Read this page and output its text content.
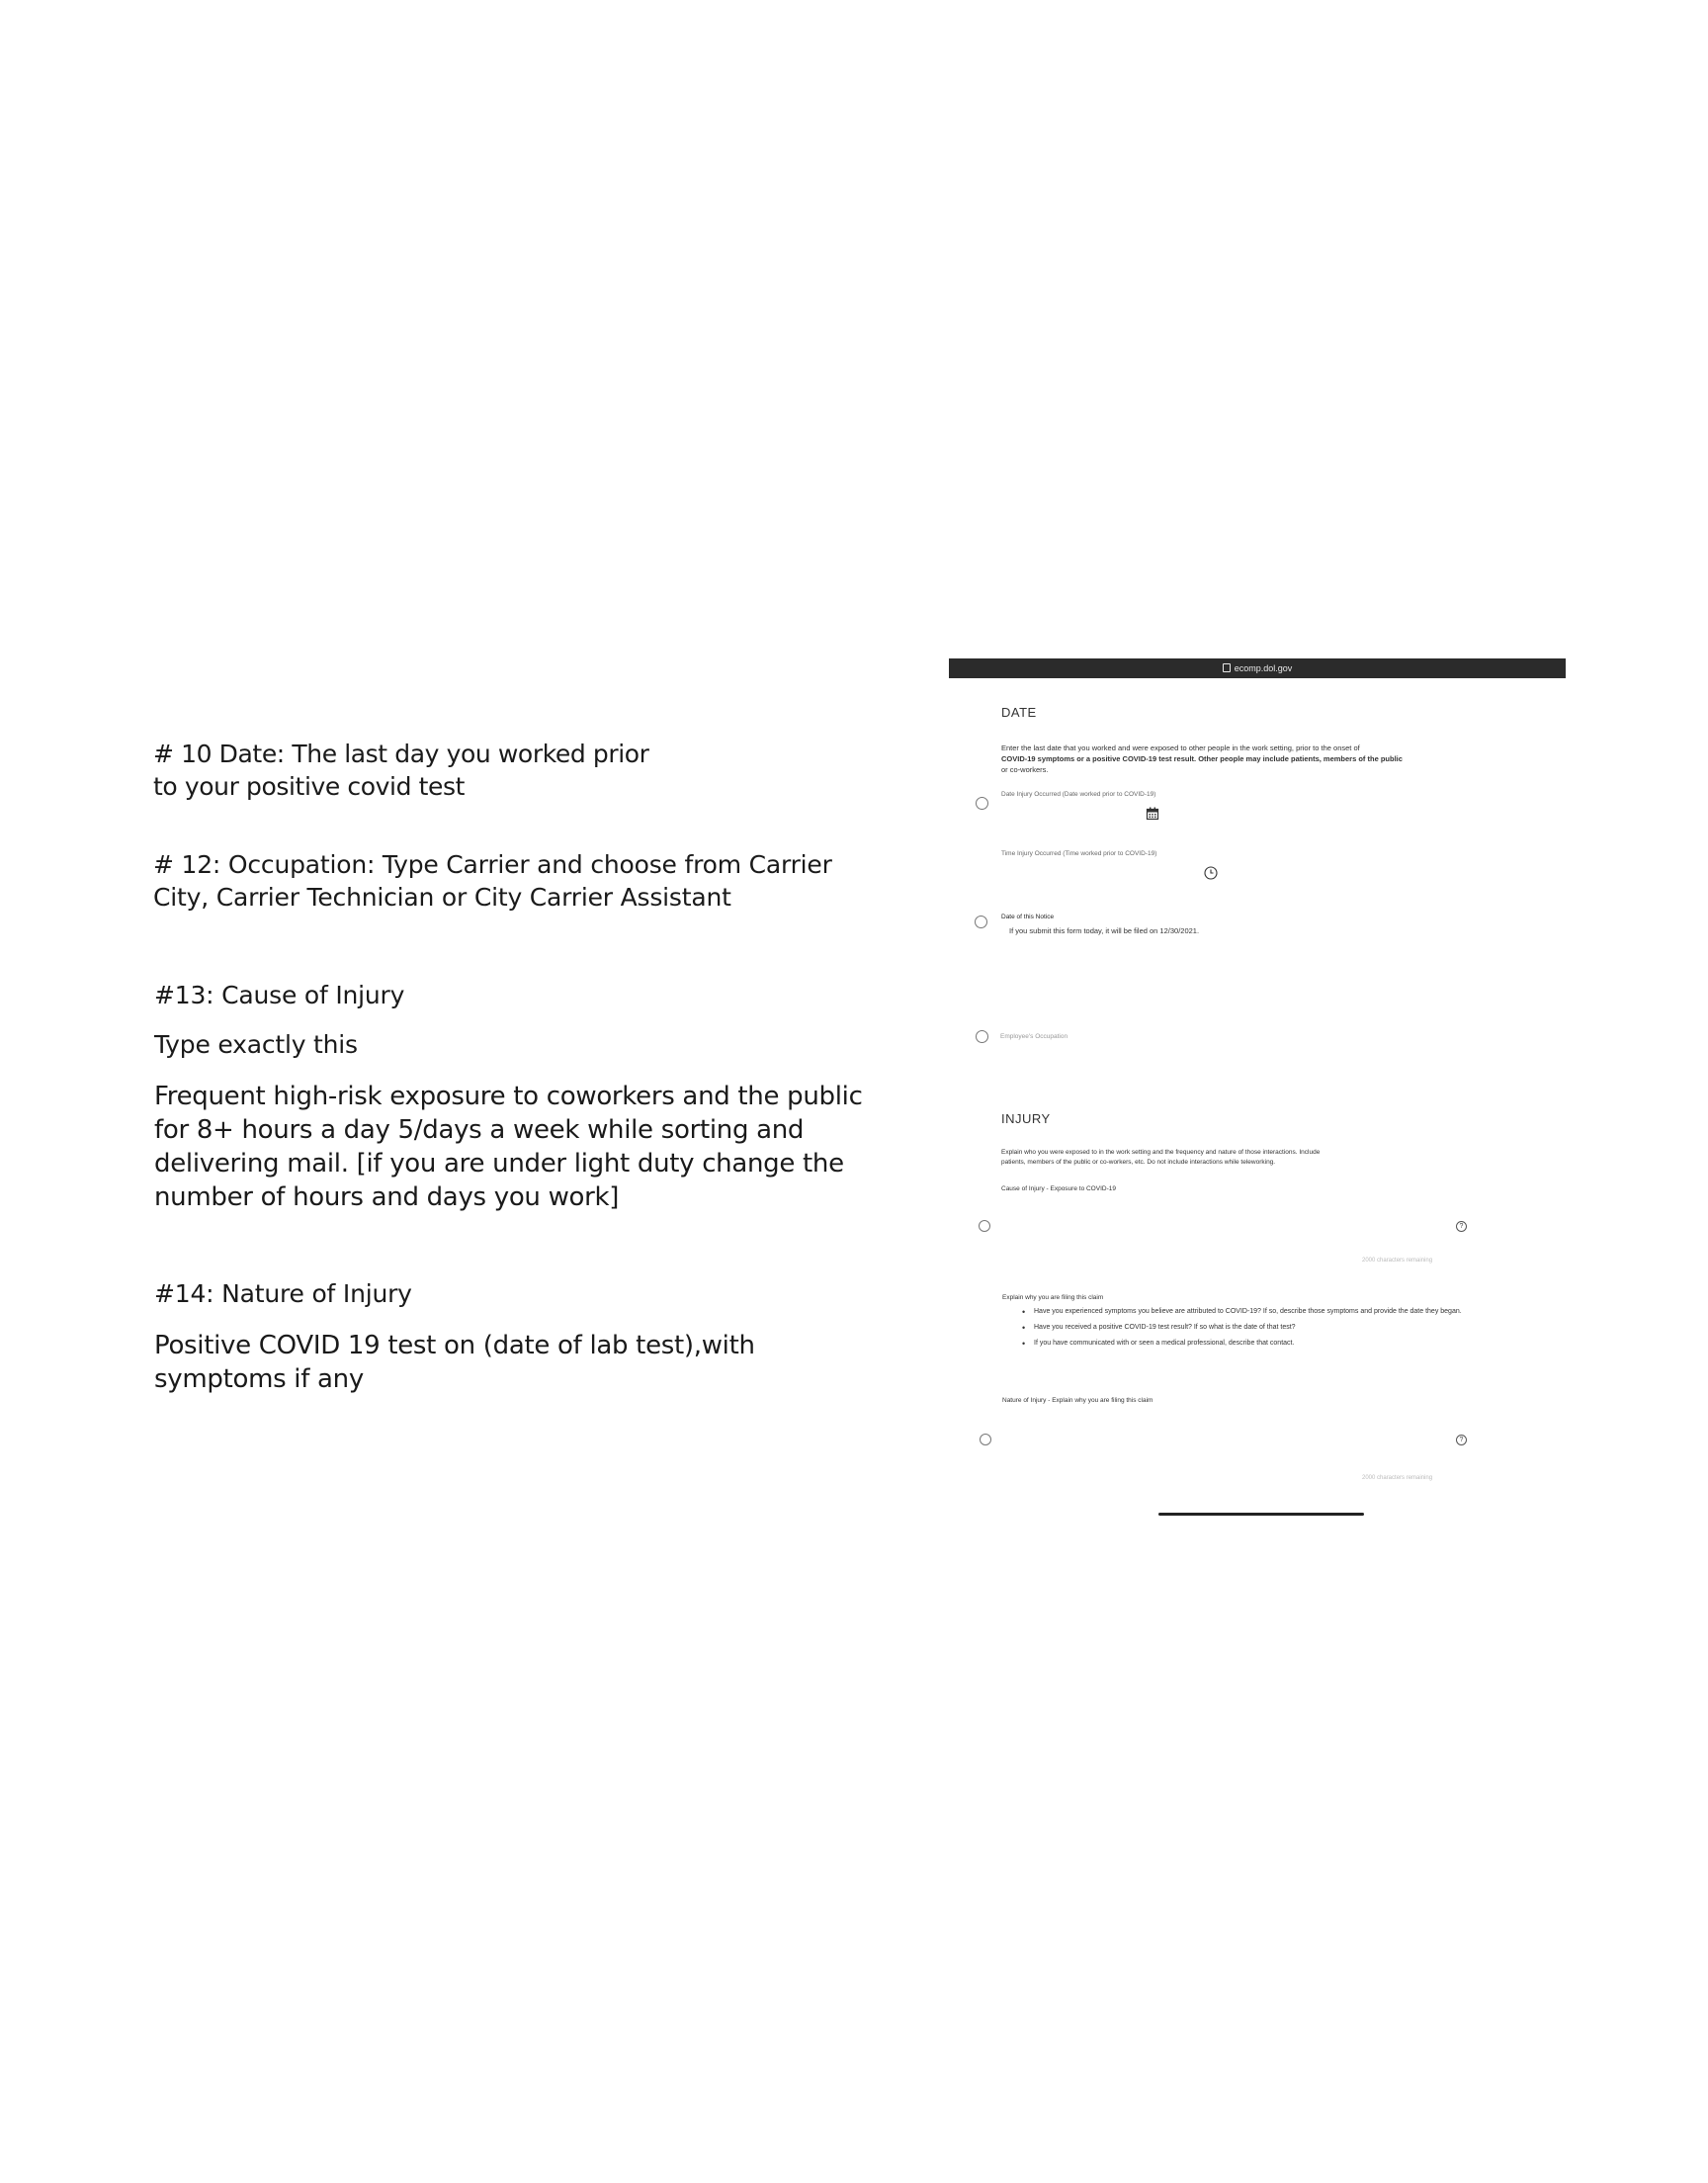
# 10 Date: The last day you worked prior

to your positive covid test

# 12: Occupation: Type Carrier and choose from Carrier

City, Carrier Technician or City Carrier Assistant

#13: Cause of Injury

Type exactly this

Frequent high-risk exposure to coworkers and the public

for 8+ hours a day 5/days a week while sorting and

delivering mail. [if you are under light duty change the

number of hours and days you work]

#14: Nature of Injury

Positive COVID 19 test on (date of lab test),with

symptoms if any

ecomp.dol.gov

DATE

Enter the last date that you worked and were exposed to other people in the work setting, prior to the onset of

COVID-19 symptoms or a positive COVID-19 test result. Other people may include patients, members of the public

or co-workers.

Date Injury Occurred (Date worked prior to COVID-19)

Time Injury Occurred (Time worked prior to COVID-19)

Date of this Notice

If you submit this form today, it will be filed on 12/30/2021.

Employee's Occupation

INJURY

Explain who you were exposed to in the work setting and the frequency and nature of those interactions. Include

patients, members of the public or co-workers, etc. Do not include interactions while teleworking.

Cause of Injury - Exposure to COVID-19

?

2000 characters remaining

Explain why you are filing this claim

• Have you experienced symptoms you believe are attributed to COVID-19? If so, describe those symptoms and provide the date they began.
• Have you received a positive COVID-19 test result? If so what is the date of that test?
• If you have communicated with or seen a medical professional, describe that contact.

Nature of Injury - Explain why you are filing this claim

?

2000 characters remaining
